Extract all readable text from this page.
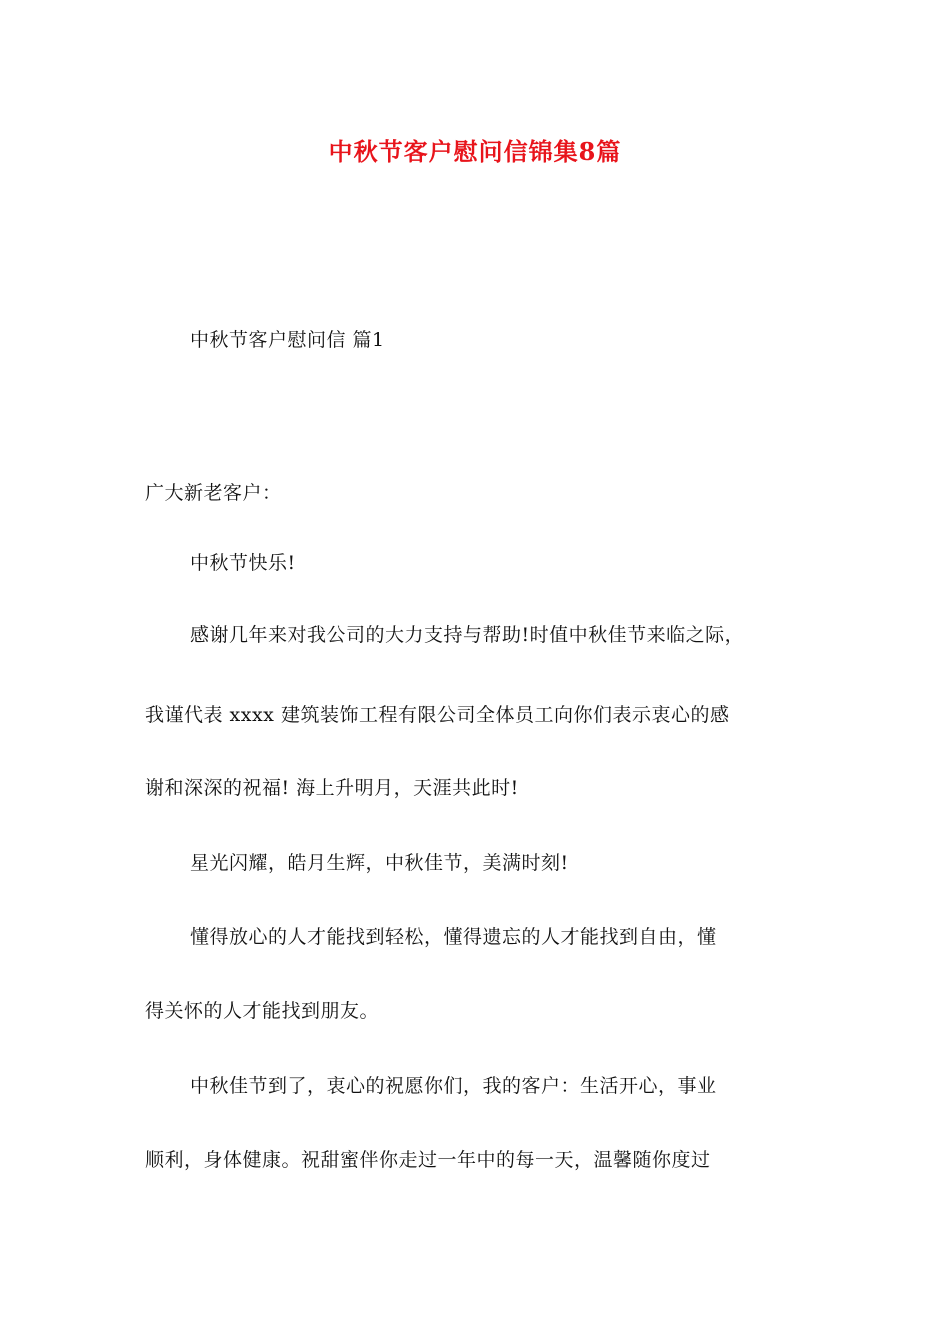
中秋节客户慰问信锦集8篇
中秋节客户慰问信 篇1
广大新老客户：
中秋节快乐!
感谢几年来对我公司的大力支持与帮助!时值中秋佳节来临之际，
我谨代表 xxxx 建筑装饰工程有限公司全体员工向你们表示衷心的感
谢和深深的祝福! 海上升明月，天涯共此时!
星光闪耀，皓月生辉，中秋佳节，美满时刻!
懂得放心的人才能找到轻松，懂得遗忘的人才能找到自由，懂
得关怀的人才能找到朋友。
中秋佳节到了，衷心的祝愿你们，我的客户：生活开心，事业
顺利，身体健康。祝甜蜜伴你走过一年中的每一天，温馨随你度过
